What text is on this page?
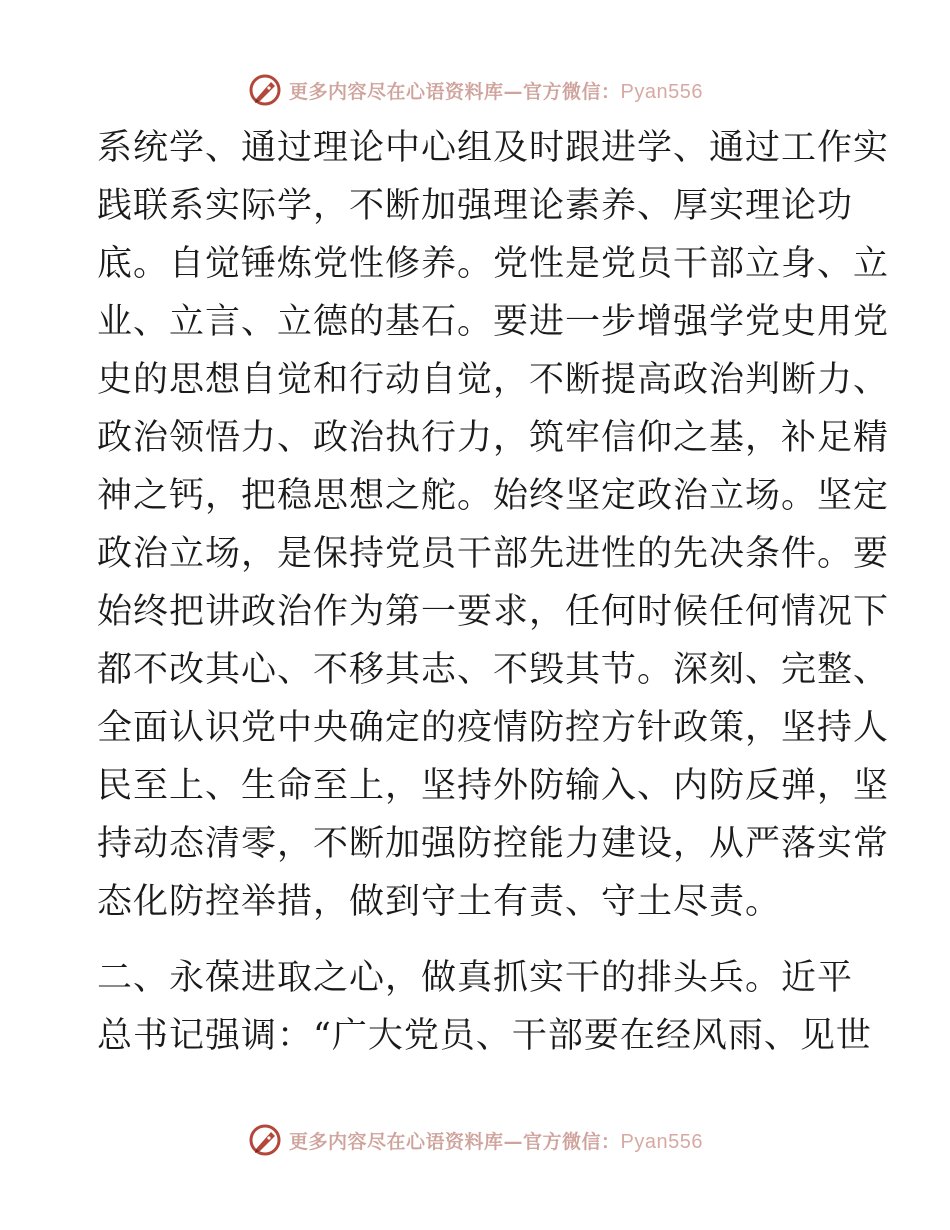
更多内容尽在心语资料库—官方微信：Pyan556
系统学、通过理论中心组及时跟进学、通过工作实
践联系实际学，不断加强理论素养、厚实理论功
底。自觉锤炼党性修养。党性是党员干部立身、立
业、立言、立德的基石。要进一步增强学党史用党
史的思想自觉和行动自觉，不断提高政治判断力、
政治领悟力、政治执行力，筑牢信仰之基，补足精
神之钙，把稳思想之舵。始终坚定政治立场。坚定
政治立场，是保持党员干部先进性的先决条件。要
始终把讲政治作为第一要求，任何时候任何情况下
都不改其心、不移其志、不毁其节。深刻、完整、
全面认识党中央确定的疫情防控方针政策，坚持人
民至上、生命至上，坚持外防输入、内防反弹，坚
持动态清零，不断加强防控能力建设，从严落实常
态化防控举措，做到守土有责、守土尽责。
二、永葆进取之心，做真抓实干的排头兵。近平
总书记强调：“广大党员、干部要在经风雨、见世
更多内容尽在心语资料库—官方微信：Pyan556
